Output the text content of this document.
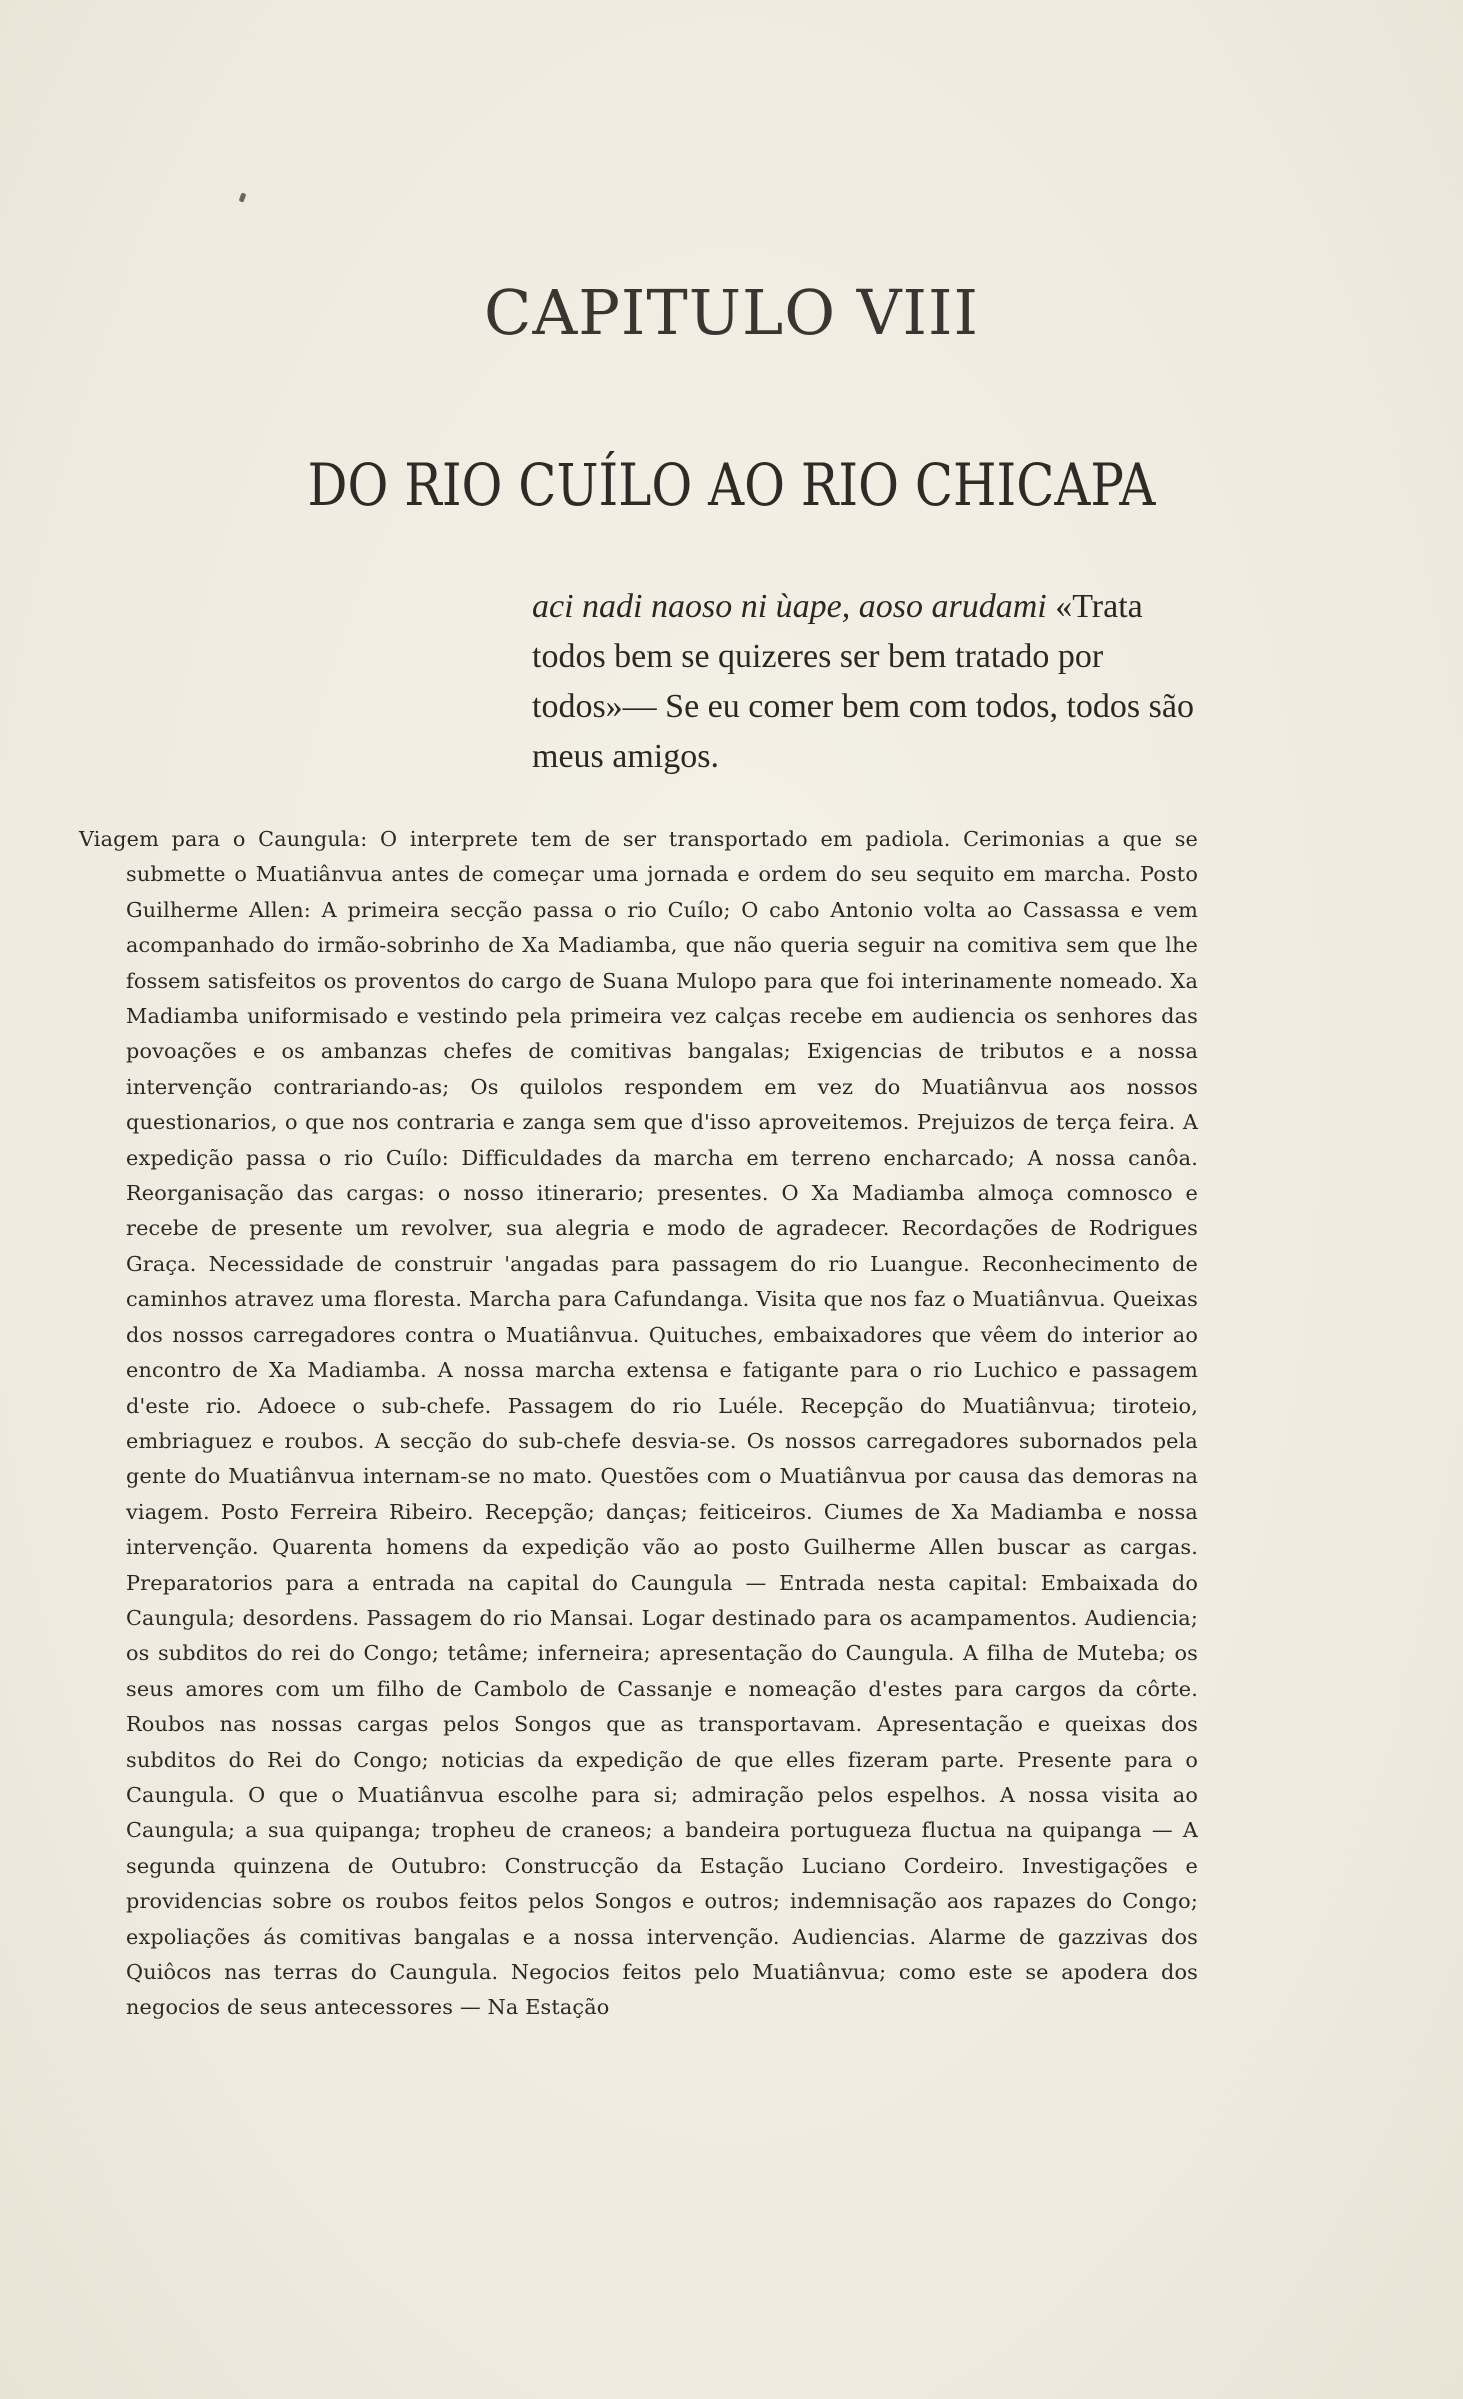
CAPITULO VIII
DO RIO CUÍLO AO RIO CHICAPA

aci nadi naoso ni ùape, aoso arudami «Trata todos bem se quizeres ser bem tratado por todos»— Se eu comer bem com todos, todos são meus amigos.

Viagem para o Caungula: O interprete tem de ser transportado em padiola. Cerimonias a que se submette o Muatiânvua antes de começar uma jornada e ordem do seu sequito em marcha. Posto Guilherme Allen: A primeira secção passa o rio Cuílo; O cabo Antonio volta ao Cassassa e vem acompanhado do irmão-sobrinho de Xa Madiamba, que não queria seguir na comitiva sem que lhe fossem satisfeitos os proventos do cargo de Suana Mulopo para que foi interinamente nomeado. Xa Madiamba uniformisado e vestindo pela primeira vez calças recebe em audiencia os senhores das povoações e os ambanzas chefes de comitivas bangalas; Exigencias de tributos e a nossa intervenção contrariando-as; Os quilolos respondem em vez do Muatiânvua aos nossos questionarios, o que nos contraria e zanga sem que d'isso aproveitemos. Prejuizos de terça feira. A expedição passa o rio Cuílo: Difficuldades da marcha em terreno encharcado; A nossa canôa. Reorganisação das cargas: o nosso itinerario; presentes. O Xa Madiamba almoça comnosco e recebe de presente um revolver, sua alegria e modo de agradecer. Recordações de Rodrigues Graça. Necessidade de construir 'angadas para passagem do rio Luangue. Reconhecimento de caminhos atravez uma floresta. Marcha para Cafundanga. Visita que nos faz o Muatiânvua. Queixas dos nossos carregadores contra o Muatiânvua. Quituches, embaixadores que vêem do interior ao encontro de Xa Madiamba. A nossa marcha extensa e fatigante para o rio Luchico e passagem d'este rio. Adoece o sub-chefe. Passagem do rio Luéle. Recepção do Muatiânvua; tiroteio, embriaguez e roubos. A secção do sub-chefe desvia-se. Os nossos carregadores subornados pela gente do Muatiânvua internam-se no mato. Questões com o Muatiânvua por causa das demoras na viagem. Posto Ferreira Ribeiro. Recepção; danças; feiticeiros. Ciumes de Xa Madiamba e nossa intervenção. Quarenta homens da expedição vão ao posto Guilherme Allen buscar as cargas. Preparatorios para a entrada na capital do Caungula — Entrada nesta capital: Embaixada do Caungula; desordens. Passagem do rio Mansai. Logar destinado para os acampamentos. Audiencia; os subditos do rei do Congo; tetâme; inferneira; apresentação do Caungula. A filha de Muteba; os seus amores com um filho de Cambolo de Cassanje e nomeação d'estes para cargos da côrte. Roubos nas nossas cargas pelos Songos que as transportavam. Apresentação e queixas dos subditos do Rei do Congo; noticias da expedição de que elles fizeram parte. Presente para o Caungula. O que o Muatiânvua escolhe para si; admiração pelos espelhos. A nossa visita ao Caungula; a sua quipanga; tropheu de craneos; a bandeira portugueza fluctua na quipanga — A segunda quinzena de Outubro: Construcção da Estação Luciano Cordeiro. Investigações e providencias sobre os roubos feitos pelos Songos e outros; indemnisação aos rapazes do Congo; expoliações ás comitivas bangalas e a nossa intervenção. Audiencias. Alarme de gazzivas dos Quiôcos nas terras do Caungula. Negocios feitos pelo Muatiânvua; como este se apodera dos negocios de seus antecessores — Na Estação
